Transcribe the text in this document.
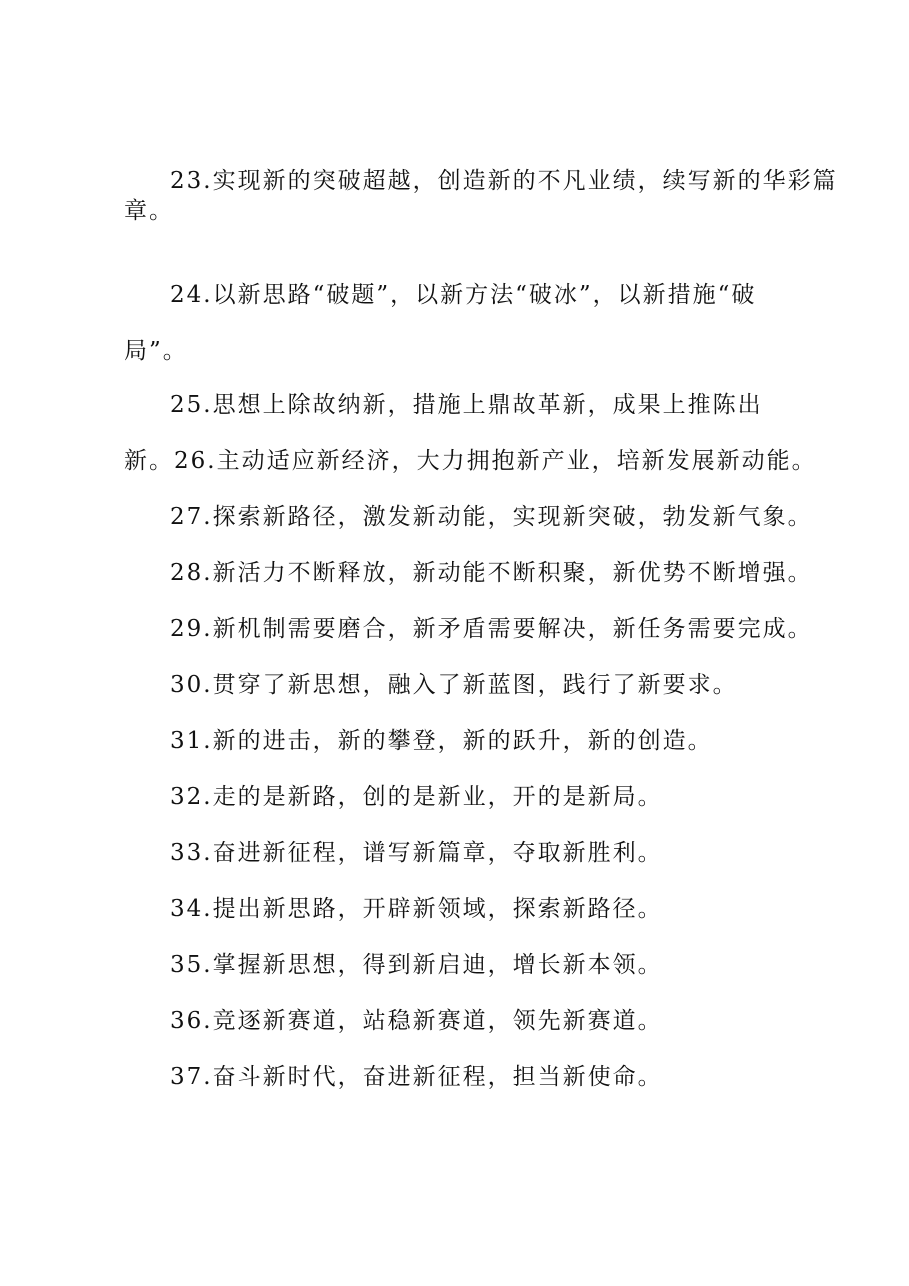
23.实现新的突破超越，创造新的不凡业绩，续写新的华彩篇
章。
24.以新思路“破题”，以新方法“破冰”，以新措施“破
局”。
25.思想上除故纳新，措施上鼎故革新，成果上推陈出
新。26.主动适应新经济，大力拥抱新产业，培新发展新动能。
27.探索新路径，激发新动能，实现新突破，勃发新气象。
28.新活力不断释放，新动能不断积聚，新优势不断增强。
29.新机制需要磨合，新矛盾需要解决，新任务需要完成。
30.贯穿了新思想，融入了新蓝图，践行了新要求。
31.新的进击，新的攀登，新的跃升，新的创造。
32.走的是新路，创的是新业，开的是新局。
33.奋进新征程，谱写新篇章，夺取新胜利。
34.提出新思路，开辟新领域，探索新路径。
35.掌握新思想，得到新启迪，增长新本领。
36.竞逐新赛道，站稳新赛道，领先新赛道。
37.奋斗新时代，奋进新征程，担当新使命。
